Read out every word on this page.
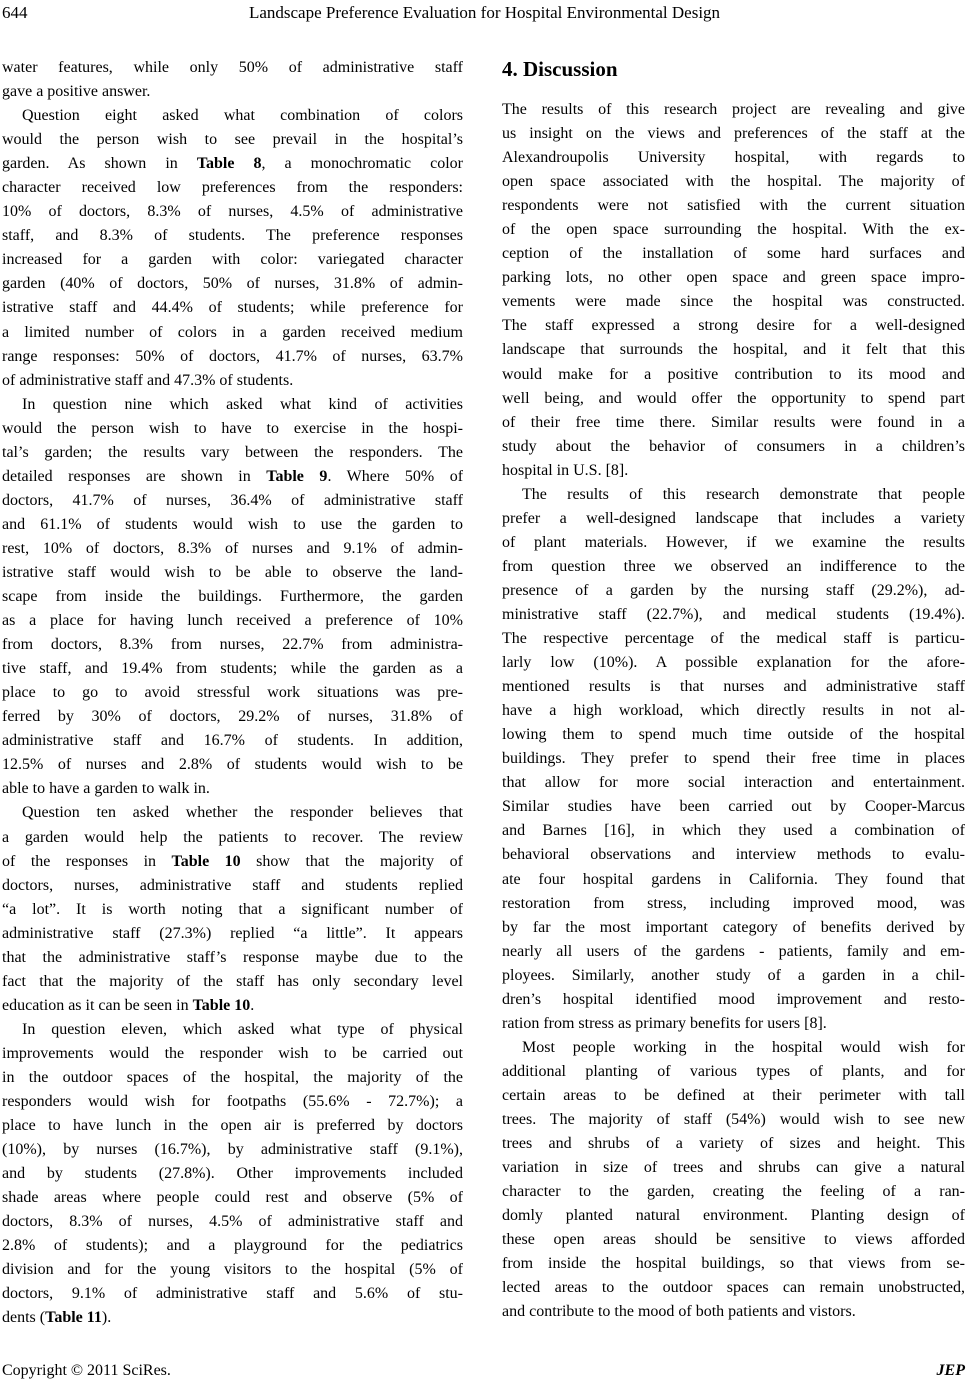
644	Landscape Preference Evaluation for Hospital Environmental Design
water features, while only 50% of administrative staff
gave a positive answer.
Question eight asked what combination of colors
would the person wish to see prevail in the hospital’s
garden. As shown in Table 8, a monochromatic color
character received low preferences from the responders:
10% of doctors, 8.3% of nurses, 4.5% of administrative
staff, and 8.3% of students. The preference responses
increased for a garden with color: variegated character
garden (40% of doctors, 50% of nurses, 31.8% of admin-
istrative staff and 44.4% of students; while preference for
a limited number of colors in a garden received medium
range responses: 50% of doctors, 41.7% of nurses, 63.7%
of administrative staff and 47.3% of students.
In question nine which asked what kind of activities
would the person wish to have to exercise in the hospi-
tal’s garden; the results vary between the responders. The
detailed responses are shown in Table 9. Where 50% of
doctors, 41.7% of nurses, 36.4% of administrative staff
and 61.1% of students would wish to use the garden to
rest, 10% of doctors, 8.3% of nurses and 9.1% of admin-
istrative staff would wish to be able to observe the land-
scape from inside the buildings. Furthermore, the garden
as a place for having lunch received a preference of 10%
from doctors, 8.3% from nurses, 22.7% from administra-
tive staff, and 19.4% from students; while the garden as a
place to go to avoid stressful work situations was pre-
ferred by 30% of doctors, 29.2% of nurses, 31.8% of
administrative staff and 16.7% of students. In addition,
12.5% of nurses and 2.8% of students would wish to be
able to have a garden to walk in.
Question ten asked whether the responder believes that
a garden would help the patients to recover. The review
of the responses in Table 10 show that the majority of
doctors, nurses, administrative staff and students replied
“a lot”. It is worth noting that a significant number of
administrative staff (27.3%) replied “a little”. It appears
that the administrative staff’s response maybe due to the
fact that the majority of the staff has only secondary level
education as it can be seen in Table 10.
In question eleven, which asked what type of physical
improvements would the responder wish to be carried out
in the outdoor spaces of the hospital, the majority of the
responders would wish for footpaths (55.6% - 72.7%); a
place to have lunch in the open air is preferred by doctors
(10%), by nurses (16.7%), by administrative staff (9.1%),
and by students (27.8%). Other improvements included
shade areas where people could rest and observe (5% of
doctors, 8.3% of nurses, 4.5% of administrative staff and
2.8% of students); and a playground for the pediatrics
division and for the young visitors to the hospital (5% of
doctors, 9.1% of administrative staff and 5.6% of stu-
dents (Table 11).
4. Discussion
The results of this research project are revealing and give
us insight on the views and preferences of the staff at the
Alexandroupolis University hospital, with regards to
open space associated with the hospital. The majority of
respondents were not satisfied with the current situation
of the open space surrounding the hospital. With the ex-
ception of the installation of some hard surfaces and
parking lots, no other open space and green space impro-
vements were made since the hospital was constructed.
The staff expressed a strong desire for a well-designed
landscape that surrounds the hospital, and it felt that this
would make for a positive contribution to its mood and
well being, and would offer the opportunity to spend part
of their free time there. Similar results were found in a
study about the behavior of consumers in a children’s
hospital in U.S. [8].
The results of this research demonstrate that people
prefer a well-designed landscape that includes a variety
of plant materials. However, if we examine the results
from question three we observed an indifference to the
presence of a garden by the nursing staff (29.2%), ad-
ministrative staff (22.7%), and medical students (19.4%).
The respective percentage of the medical staff is particu-
larly low (10%). A possible explanation for the afore-
mentioned results is that nurses and administrative staff
have a high workload, which directly results in not al-
lowing them to spend much time outside of the hospital
buildings. They prefer to spend their free time in places
that allow for more social interaction and entertainment.
Similar studies have been carried out by Cooper-Marcus
and Barnes [16], in which they used a combination of
behavioral observations and interview methods to evalu-
ate four hospital gardens in California. They found that
restoration from stress, including improved mood, was
by far the most important category of benefits derived by
nearly all users of the gardens - patients, family and em-
ployees. Similarly, another study of a garden in a chil-
dren’s hospital identified mood improvement and resto-
ration from stress as primary benefits for users [8].
Most people working in the hospital would wish for
additional planting of various types of plants, and for
certain areas to be defined at their perimeter with tall
trees. The majority of staff (54%) would wish to see new
trees and shrubs of a variety of sizes and height. This
variation in size of trees and shrubs can give a natural
character to the garden, creating the feeling of a ran-
domly planted natural environment. Planting design of
these open areas should be sensitive to views afforded
from inside the hospital buildings, so that views from se-
lected areas to the outdoor spaces can remain unobstructed,
and contribute to the mood of both patients and vistors.
Copyright © 2011 SciRes.	JEP
